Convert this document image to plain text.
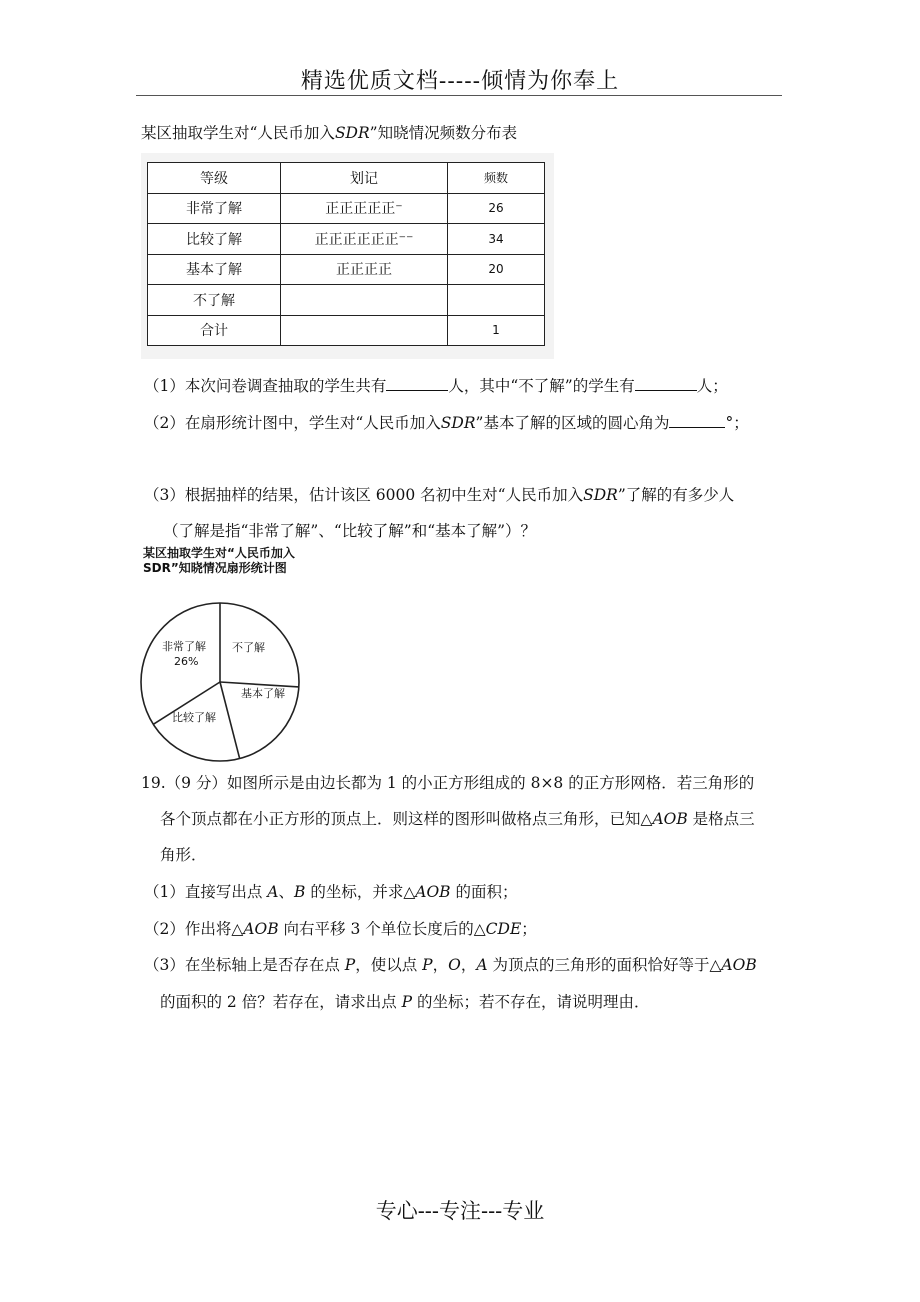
精选优质文档-----倾情为你奉上
某区抽取学生对“人民币加入SDR”知晓情况频数分布表
等级	划记	频数
非常了解	正正正正正⁻	26
比较了解	正正正正正正⁻⁻	34
基本了解	正正正正	20
不了解		
合计		1
（1）本次问卷调查抽取的学生共有	人，其中“不了解”的学生有	人；
（2）在扇形统计图中，学生对“人民币加入SDR”基本了解的区域的圆心角为	°；
（3）根据抽样的结果，估计该区 6000 名初中生对“人民币加入SDR”了解的有多少人
（了解是指“非常了解”、“比较了解”和“基本了解”）？
某区抽取学生对“人民币加入
SDR”知晓情况扇形统计图
非常了解
26%
不了解
基本了解
比较了解
19.（9 分）如图所示是由边长都为 1 的小正方形组成的 8×8 的正方形网格．若三角形的
各个顶点都在小正方形的顶点上．则这样的图形叫做格点三角形，已知△AOB 是格点三
角形．
（1）直接写出点 A、B 的坐标，并求△AOB 的面积；
（2）作出将△AOB 向右平移 3 个单位长度后的△CDE；
（3）在坐标轴上是否存在点 P，使以点 P，O，A 为顶点的三角形的面积恰好等于△AOB
的面积的 2 倍？若存在，请求出点 P 的坐标；若不存在，请说明理由．
专心---专注---专业
